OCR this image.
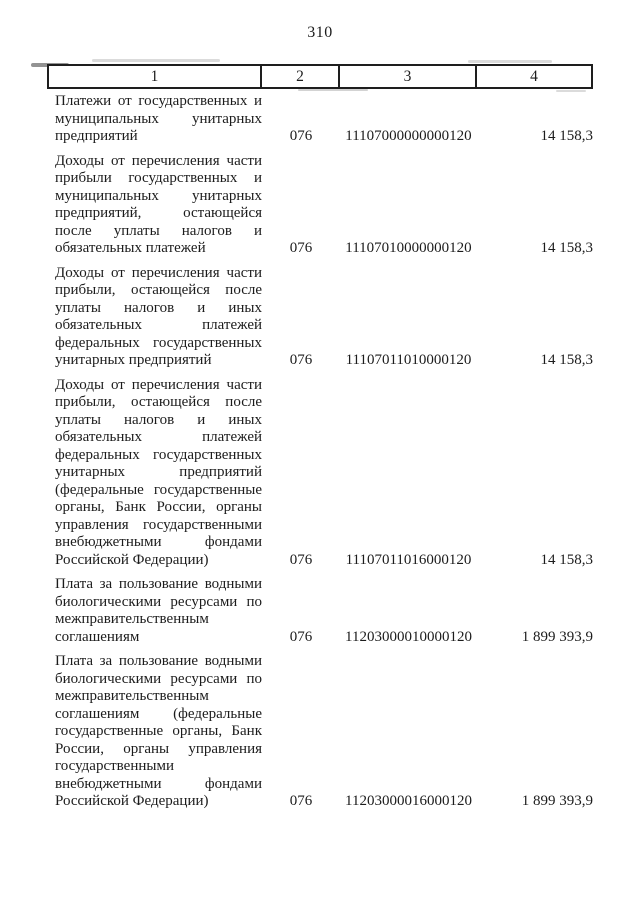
310
1	2	3	4
Платежи от государственных и муниципальных унитарных предприятий	076	11107000000000120	14 158,3
Доходы от перечисления части прибыли государственных и муниципальных унитарных предприятий, остающейся после уплаты налогов и обязательных платежей	076	11107010000000120	14 158,3
Доходы от перечисления части прибыли, остающейся после уплаты налогов и иных обязательных платежей федеральных государственных унитарных предприятий	076	11107011010000120	14 158,3
Доходы от перечисления части прибыли, остающейся после уплаты налогов и иных обязательных платежей федеральных государственных унитарных предприятий (федеральные государственные органы, Банк России, органы управления государственными внебюджетными фондами Российской Федерации)	076	11107011016000120	14 158,3
Плата за пользование водными биологическими ресурсами по межправительственным соглашениям	076	11203000010000120	1 899 393,9
Плата за пользование водными биологическими ресурсами по межправительственным соглашениям (федеральные государственные органы, Банк России, органы управления государственными внебюджетными фондами Российской Федерации)	076	11203000016000120	1 899 393,9
